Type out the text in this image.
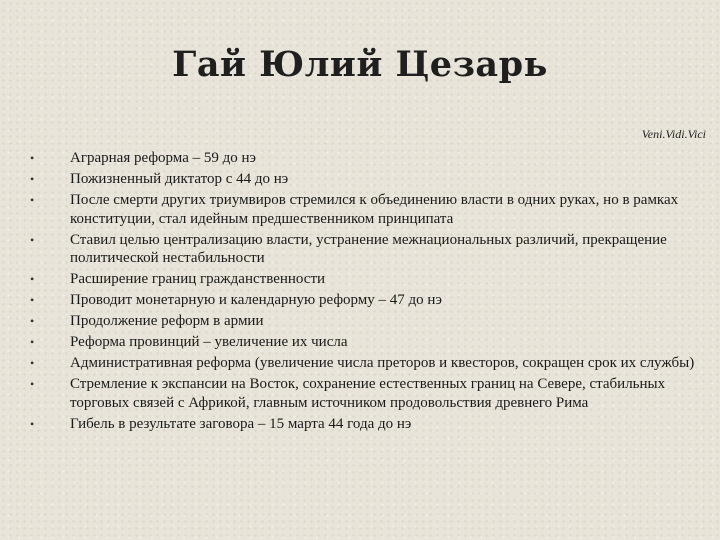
Гай Юлий Цезарь
Veni.Vidi.Vici
• Аграрная реформа – 59 до нэ
• Пожизненный диктатор с 44 до нэ
• После смерти других триумвиров стремился к объединению власти в одних руках, но в рамках конституции, стал идейным предшественником принципата
• Ставил целью централизацию власти, устранение межнациональных различий, прекращение политической нестабильности
• Расширение границ гражданственности
• Проводит монетарную и календарную реформу – 47 до нэ
• Продолжение реформ в армии
• Реформа провинций – увеличение их числа
• Административная реформа (увеличение числа преторов и квесторов, сокращен срок их службы)
• Стремление к экспансии на Восток, сохранение естественных границ на Севере, стабильных торговых связей с Африкой, главным источником продовольствия древнего Рима
• Гибель в результате заговора – 15 марта 44 года до нэ
